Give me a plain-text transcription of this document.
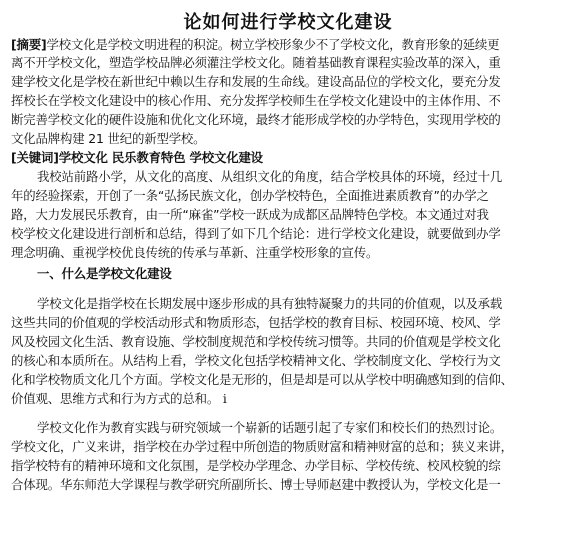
论如何进行学校文化建设
[摘要]学校文化是学校文明进程的积淀。树立学校形象少不了学校文化，教育形象的延续更
离不开学校文化，塑造学校品牌必须灌注学校文化。随着基础教育课程实验改革的深入，重
建学校文化是学校在新世纪中赖以生存和发展的生命线。建设高品位的学校文化，要充分发
挥校长在学校文化建设中的核心作用、充分发挥学校师生在学校文化建设中的主体作用、不
断完善学校文化的硬件设施和优化文化环境，最终才能形成学校的办学特色，实现用学校的
文化品牌构建 21 世纪的新型学校。
[关键词]学校文化 民乐教育特色 学校文化建设
我校站前路小学，从文化的高度、从组织文化的角度，结合学校具体的环境，经过十几
年的经验探索，开创了一条“弘扬民族文化，创办学校特色，全面推进素质教育”的办学之
路，大力发展民乐教育，由一所“麻雀”学校一跃成为成都区品牌特色学校。本文通过对我
校学校文化建设进行剖析和总结，得到了如下几个结论：进行学校文化建设，就要做到办学
理念明确、重视学校优良传统的传承与革新、注重学校形象的宣传。
一、什么是学校文化建设
学校文化是指学校在长期发展中逐步形成的具有独特凝聚力的共同的价值观，以及承载
这些共同的价值观的学校活动形式和物质形态，包括学校的教育目标、校园环境、校风、学
风及校园文化生活、教育设施、学校制度规范和学校传统习惯等。共同的价值观是学校文化
的核心和本质所在。从结构上看，学校文化包括学校精神文化、学校制度文化、学校行为文
化和学校物质文化几个方面。学校文化是无形的，但是却是可以从学校中明确感知到的信仰、
价值观、思维方式和行为方式的总和。 i
学校文化作为教育实践与研究领域一个崭新的话题引起了专家们和校长们的热烈讨论。
学校文化，广义来讲，指学校在办学过程中所创造的物质财富和精神财富的总和；狭义来讲，
指学校特有的精神环境和文化氛围，是学校办学理念、办学目标、学校传统、校风校貌的综
合体现。华东师范大学课程与教学研究所副所长、博士导师赵建中教授认为，学校文化是一
